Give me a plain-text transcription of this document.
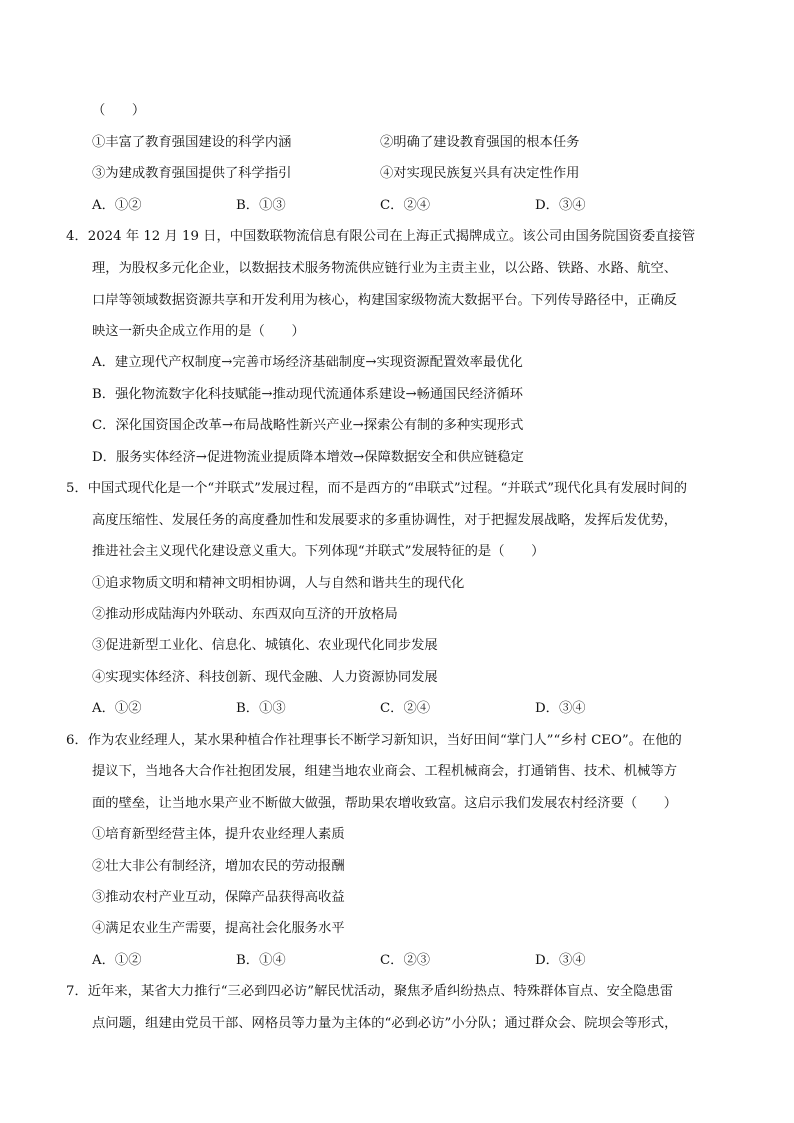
（　　）
①丰富了教育强国建设的科学内涵	②明确了建设教育强国的根本任务
③为建成教育强国提供了科学指引	④对实现民族复兴具有决定性作用
A．①②	B．①③	C．②④	D．③④
4．2024 年 12 月 19 日，中国数联物流信息有限公司在上海正式揭牌成立。该公司由国务院国资委直接管
理，为股权多元化企业，以数据技术服务物流供应链行业为主责主业，以公路、铁路、水路、航空、
口岸等领域数据资源共享和开发利用为核心，构建国家级物流大数据平台。下列传导路径中，正确反
映这一新央企成立作用的是（　　）
A．建立现代产权制度→完善市场经济基础制度→实现资源配置效率最优化
B．强化物流数字化科技赋能→推动现代流通体系建设→畅通国民经济循环
C．深化国资国企改革→布局战略性新兴产业→探索公有制的多种实现形式
D．服务实体经济→促进物流业提质降本增效→保障数据安全和供应链稳定
5．中国式现代化是一个“并联式”发展过程，而不是西方的“串联式”过程。“并联式”现代化具有发展时间的
高度压缩性、发展任务的高度叠加性和发展要求的多重协调性，对于把握发展战略，发挥后发优势，
推进社会主义现代化建设意义重大。下列体现“并联式”发展特征的是（　　）
①追求物质文明和精神文明相协调，人与自然和谐共生的现代化
②推动形成陆海内外联动、东西双向互济的开放格局
③促进新型工业化、信息化、城镇化、农业现代化同步发展
④实现实体经济、科技创新、现代金融、人力资源协同发展
A．①②	B．①③	C．②④	D．③④
6．作为农业经理人，某水果种植合作社理事长不断学习新知识，当好田间“掌门人”“乡村 CEO”。在他的
提议下，当地各大合作社抱团发展，组建当地农业商会、工程机械商会，打通销售、技术、机械等方
面的壁垒，让当地水果产业不断做大做强，帮助果农增收致富。这启示我们发展农村经济要（　　）
①培育新型经营主体，提升农业经理人素质
②壮大非公有制经济，增加农民的劳动报酬
③推动农村产业互动，保障产品获得高收益
④满足农业生产需要，提高社会化服务水平
A．①②	B．①④	C．②③	D．③④
7．近年来，某省大力推行“三必到四必访”解民忧活动，聚焦矛盾纠纷热点、特殊群体盲点、安全隐患雷
点问题，组建由党员干部、网格员等力量为主体的“必到必访”小分队；通过群众会、院坝会等形式，
